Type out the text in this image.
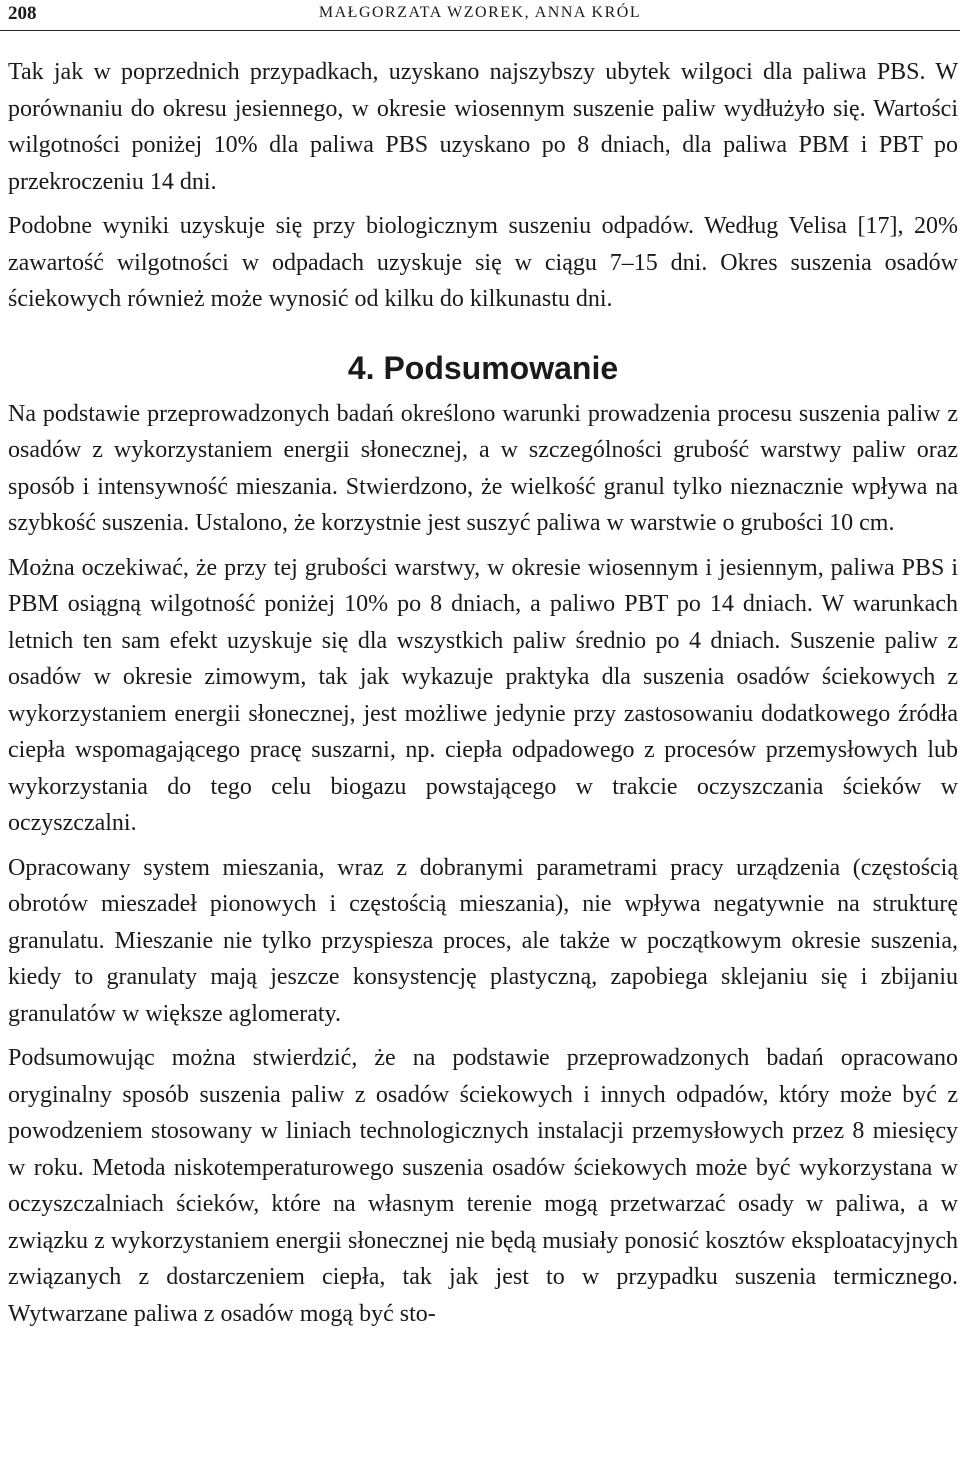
208	MAŁGORZATA WZOREK, ANNA KRÓL

Tak jak w poprzednich przypadkach, uzyskano najszybszy ubytek wilgoci dla paliwa PBS. W porównaniu do okresu jesiennego, w okresie wiosennym suszenie paliw wydłużyło się. Wartości wilgotności poniżej 10% dla paliwa PBS uzyskano po 8 dniach, dla paliwa PBM i PBT po przekroczeniu 14 dni.

Podobne wyniki uzyskuje się przy biologicznym suszeniu odpadów. Według Velisa [17], 20% zawartość wilgotności w odpadach uzyskuje się w ciągu 7–15 dni. Okres suszenia osadów ściekowych również może wynosić od kilku do kilkunastu dni.

4. Podsumowanie

Na podstawie przeprowadzonych badań określono warunki prowadzenia procesu suszenia paliw z osadów z wykorzystaniem energii słonecznej, a w szczególności grubość warstwy paliw oraz sposób i intensywność mieszania. Stwierdzono, że wielkość granul tylko nieznacznie wpływa na szybkość suszenia. Ustalono, że korzystnie jest suszyć paliwa w warstwie o grubości 10 cm.

Można oczekiwać, że przy tej grubości warstwy, w okresie wiosennym i jesiennym, paliwa PBS i PBM osiągną wilgotność poniżej 10% po 8 dniach, a paliwo PBT po 14 dniach. W warunkach letnich ten sam efekt uzyskuje się dla wszystkich paliw średnio po 4 dniach. Suszenie paliw z osadów w okresie zimowym, tak jak wykazuje praktyka dla suszenia osadów ściekowych z wykorzystaniem energii słonecznej, jest możliwe jedynie przy zastosowaniu dodatkowego źródła ciepła wspomagającego pracę suszarni, np. ciepła odpadowego z procesów przemysłowych lub wykorzystania do tego celu biogazu powstającego w trakcie oczyszczania ścieków w oczyszczalni.

Opracowany system mieszania, wraz z dobranymi parametrami pracy urządzenia (częstością obrotów mieszadeł pionowych i częstością mieszania), nie wpływa negatywnie na strukturę granulatu. Mieszanie nie tylko przyspiesza proces, ale także w początkowym okresie suszenia, kiedy to granulaty mają jeszcze konsystencję plastyczną, zapobiega sklejaniu się i zbijaniu granulatów w większe aglomeraty.

Podsumowując można stwierdzić, że na podstawie przeprowadzonych badań opracowano oryginalny sposób suszenia paliw z osadów ściekowych i innych odpadów, który może być z powodzeniem stosowany w liniach technologicznych instalacji przemysłowych przez 8 miesięcy w roku. Metoda niskotemperaturowego suszenia osadów ściekowych może być wykorzystana w oczyszczalniach ścieków, które na własnym terenie mogą przetwarzać osady w paliwa, a w związku z wykorzystaniem energii słonecznej nie będą musiały ponosić kosztów eksploatacyjnych związanych z dostarczeniem ciepła, tak jak jest to w przypadku suszenia termicznego. Wytwarzane paliwa z osadów mogą być sto-
